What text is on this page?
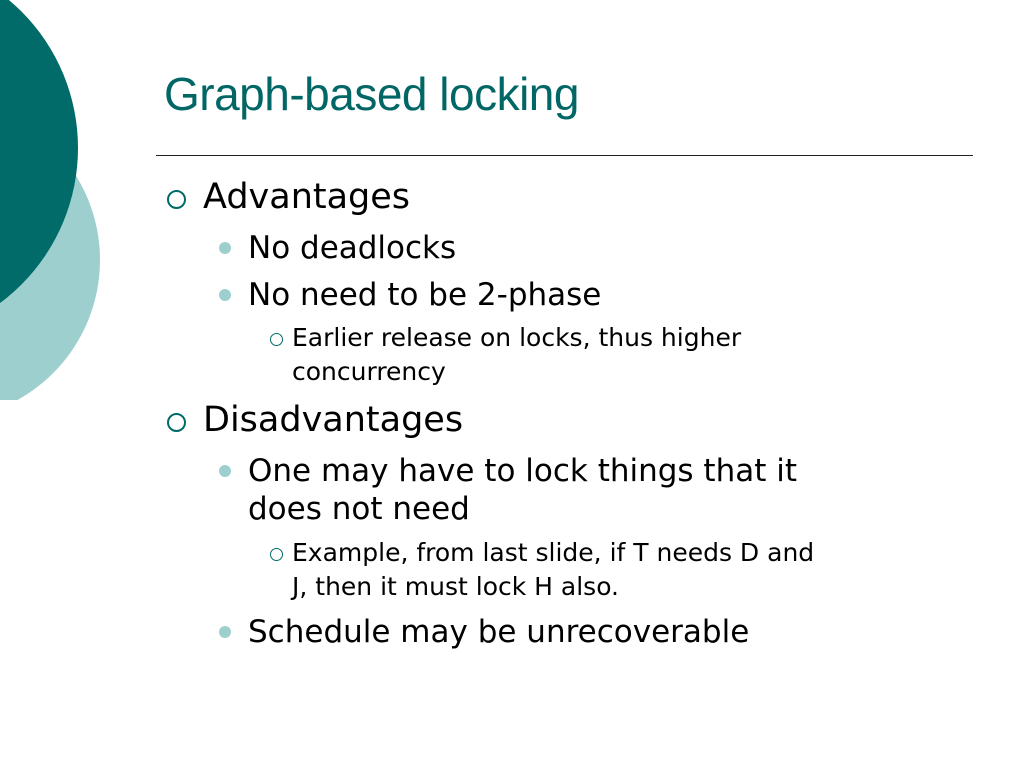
Graph-based locking
Advantages
No deadlocks
No need to be 2-phase
Earlier release on locks, thus higher
concurrency
Disadvantages
One may have to lock things that it
does not need
Example, from last slide, if T needs D and
J, then it must lock H also.
Schedule may be unrecoverable
